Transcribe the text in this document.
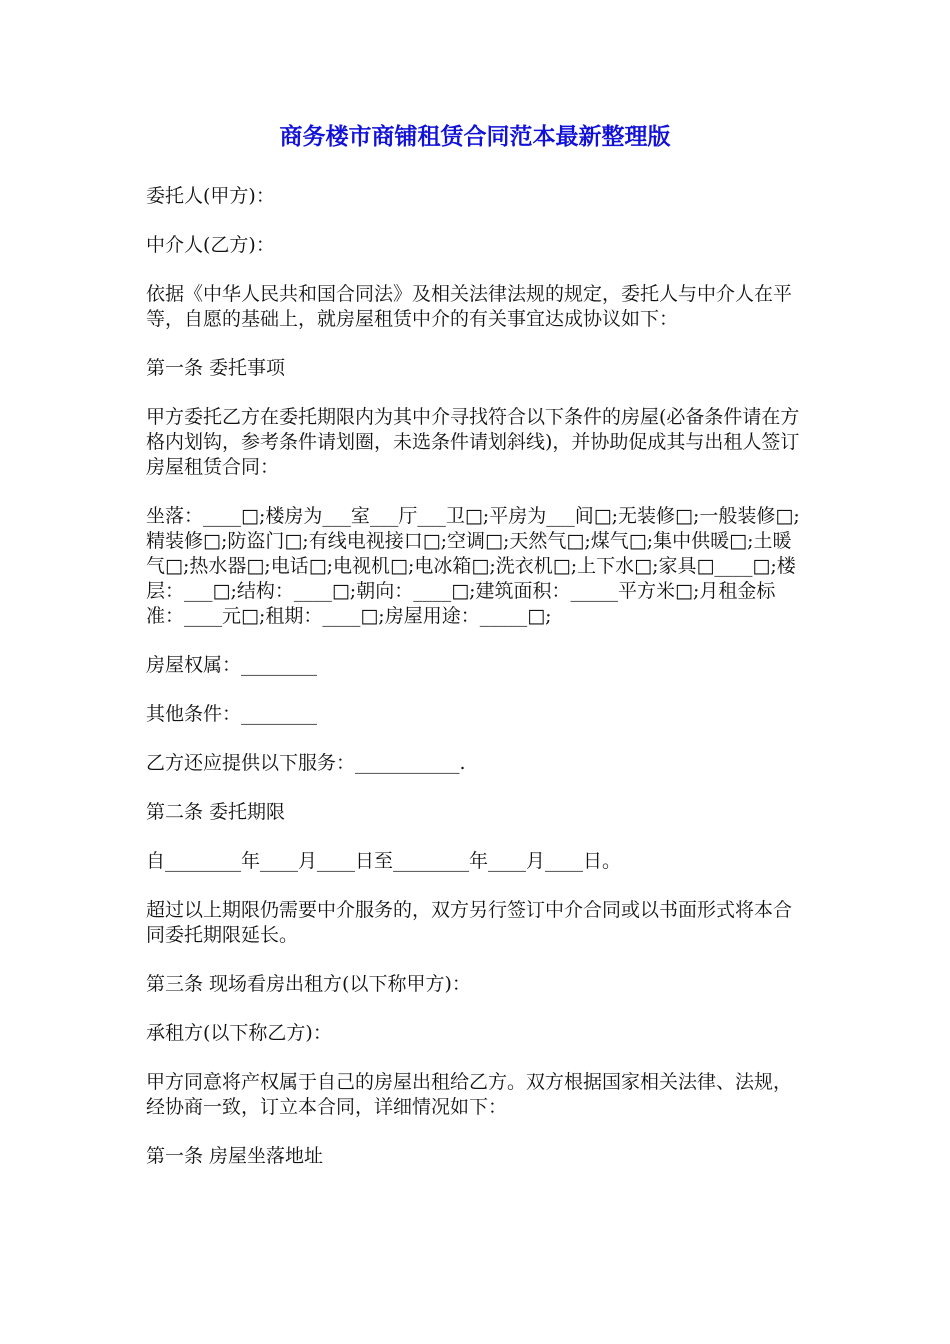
商务楼市商铺租赁合同范本最新整理版

委托人(甲方)：

中介人(乙方)：

依据《中华人民共和国合同法》及相关法律法规的规定，委托人与中介人在平等，自愿的基础上，就房屋租赁中介的有关事宜达成协议如下：

第一条 委托事项

甲方委托乙方在委托期限内为其中介寻找符合以下条件的房屋(必备条件请在方格内划钩，参考条件请划圈，未选条件请划斜线)，并协助促成其与出租人签订房屋租赁合同：

坐落：____□;楼房为___室___厅___卫□;平房为___间□;无装修□;一般装修□;精装修□;防盗门□;有线电视接口□;空调□;天然气□;煤气□;集中供暖□;土暖气□;热水器□;电话□;电视机□;电冰箱□;洗衣机□;上下水□;家具□____□;楼层：___□;结构：____□;朝向：____□;建筑面积：_____平方米□;月租金标准：____元□;租期：____□;房屋用途：_____□;

房屋权属：________

其他条件：________

乙方还应提供以下服务：___________.

第二条 委托期限

自________年____月____日至________年____月____日。

超过以上期限仍需要中介服务的，双方另行签订中介合同或以书面形式将本合同委托期限延长。

第三条 现场看房出租方(以下称甲方)：

承租方(以下称乙方)：

甲方同意将产权属于自己的房屋出租给乙方。双方根据国家相关法律、法规，经协商一致，订立本合同，详细情况如下：

第一条 房屋坐落地址
